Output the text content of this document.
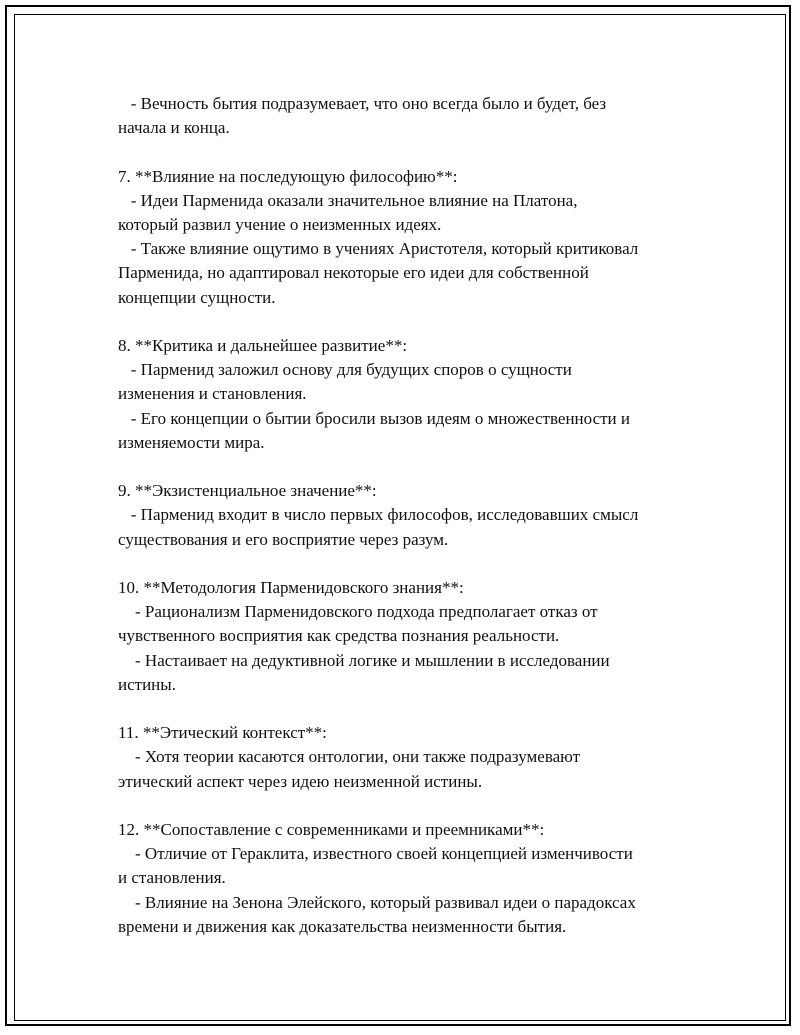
- Вечность бытия подразумевает, что оно всегда было и будет, без
начала и конца.
7. **Влияние на последующую философию**:
- Идеи Парменида оказали значительное влияние на Платона,
который развил учение о неизменных идеях.
- Также влияние ощутимо в учениях Аристотеля, который критиковал
Парменида, но адаптировал некоторые его идеи для собственной
концепции сущности.
8. **Критика и дальнейшее развитие**:
- Парменид заложил основу для будущих споров о сущности
изменения и становления.
- Его концепции о бытии бросили вызов идеям о множественности и
изменяемости мира.
9. **Экзистенциальное значение**:
- Парменид входит в число первых философов, исследовавших смысл
существования и его восприятие через разум.
10. **Методология Парменидовского знания**:
- Рационализм Парменидовского подхода предполагает отказ от
чувственного восприятия как средства познания реальности.
- Настаивает на дедуктивной логике и мышлении в исследовании
истины.
11. **Этический контекст**:
- Хотя теории касаются онтологии, они также подразумевают
этический аспект через идею неизменной истины.
12. **Сопоставление с современниками и преемниками**:
- Отличие от Гераклита, известного своей концепцией изменчивости
и становления.
- Влияние на Зенона Элейского, который развивал идеи о парадоксах
времени и движения как доказательства неизменности бытия.
